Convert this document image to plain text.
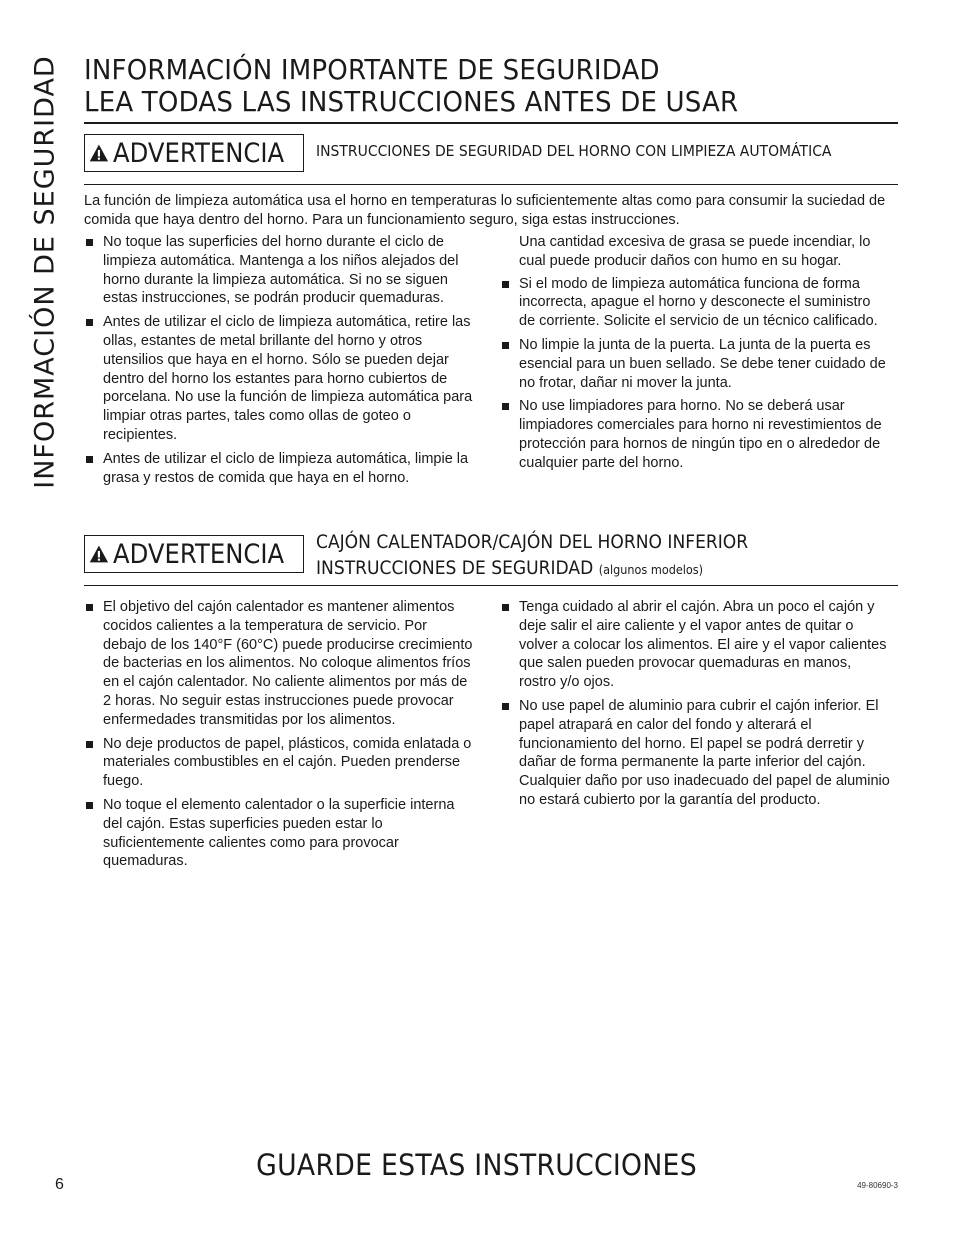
INFORMACIÓN DE SEGURIDAD INFORMACIÓN IMPORTANTE DE SEGURIDAD
LEA TODAS LAS INSTRUCCIONES ANTES DE USAR
ADVERTENCIA INSTRUCCIONES DE SEGURIDAD DEL HORNO CON LIMPIEZA AUTOMÁTICA
La función de limpieza automática usa el horno en temperaturas lo suficientemente altas como para consumir la suciedad de comida que haya dentro del horno. Para un funcionamiento seguro, siga estas instrucciones.
No toque las superficies del horno durante el ciclo de limpieza automática. Mantenga a los niños alejados del horno durante la limpieza automática. Si no se siguen estas instrucciones, se podrán producir quemaduras.
Antes de utilizar el ciclo de limpieza automática, retire las ollas, estantes de metal brillante del horno y otros utensilios que haya en el horno. Sólo se pueden dejar dentro del horno los estantes para horno cubiertos de porcelana. No use la función de limpieza automática para limpiar otras partes, tales como ollas de goteo o recipientes.
Antes de utilizar el ciclo de limpieza automática, limpie la grasa y restos de comida que haya en el horno.

Una cantidad excesiva de grasa se puede incendiar, lo cual puede producir daños con humo en su hogar.

Si el modo de limpieza automática funciona de forma incorrecta, apague el horno y desconecte el suministro de corriente. Solicite el servicio de un técnico calificado.
No limpie la junta de la puerta. La junta de la puerta es esencial para un buen sellado. Se debe tener cuidado de no frotar, dañar ni mover la junta.
No use limpiadores para horno. No se deberá usar limpiadores comerciales para horno ni revestimientos de protección para hornos de ningún tipo en o alrededor de cualquier parte del horno.
ADVERTENCIA CAJÓN CALENTADOR/CAJÓN DEL HORNO INFERIOR
INSTRUCCIONES DE SEGURIDAD (algunos modelos)
El objetivo del cajón calentador es mantener alimentos cocidos calientes a la temperatura de servicio. Por debajo de los 140°F (60°C) puede producirse crecimiento de bacterias en los alimentos. No coloque alimentos fríos en el cajón calentador. No caliente alimentos por más de 2 horas. No seguir estas instrucciones puede provocar enfermedades transmitidas por los alimentos.
No deje productos de papel, plásticos, comida enlatada o materiales combustibles en el cajón. Pueden prenderse fuego.
No toque el elemento calentador o la superficie interna del cajón. Estas superficies pueden estar lo suficientemente calientes como para provocar quemaduras.
Tenga cuidado al abrir el cajón. Abra un poco el cajón y deje salir el aire caliente y el vapor antes de quitar o volver a colocar los alimentos. El aire y el vapor calientes que salen pueden provocar quemaduras en manos, rostro y/o ojos.
No use papel de aluminio para cubrir el cajón inferior. El papel atrapará en calor del fondo y alterará el funcionamiento del horno. El papel se podrá derretir y dañar de forma permanente la parte inferior del cajón. Cualquier daño por uso inadecuado del papel de aluminio no estará cubierto por la garantía del producto.
GUARDE ESTAS INSTRUCCIONES
6	49-80690-3
